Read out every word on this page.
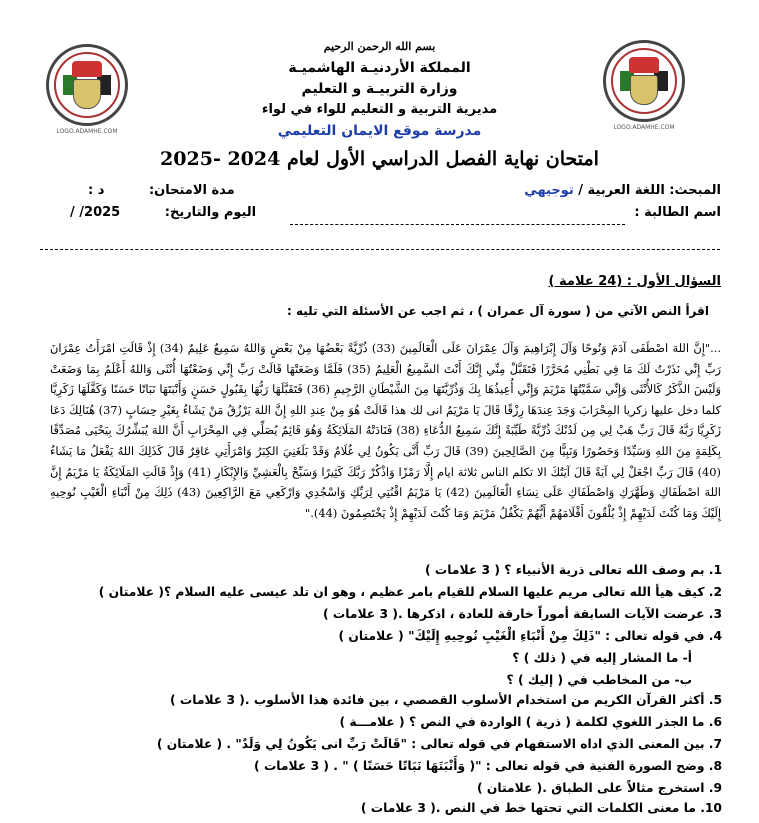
LOGO.ADAMHE.COM
LOGO.ADAMHE.COM
بسم الله الرحمن الرحيم
المملكة الأردنيـة الهاشميـة
وزارة التربيـة و التعليم
مديرية التربية و التعليم للواء في لواء
مدرسة موقع الايمان التعليمي
امتحان نهاية الفصل الدراسي الأول لعام 2024 -2025
المبحث: اللغة العربية / توجيهي
مدة الامتحان: د :
اسم الطالبة :
اليوم والتاريخ: / /2025
السؤال الأول : (24 علامة )
اقرأ النص الآتي من ( سورة آل عمران ) ، ثم اجب عن الأسئلة التي تليه :
..."إِنَّ اللهَ اصْطَفَى آدَمَ وَنُوحًا وَآلَ إِبْرَاهِيمَ وَآلَ عِمْرَانَ عَلَى الْعَالَمِينَ (33) ذُرِّيَّةً بَعْضُهَا مِنْ بَعْضٍ وَاللهُ سَمِيعٌ عَلِيمٌ (34) إِذْ قَالَتِ امْرَأَتُ عِمْرَانَ رَبِّ إِنِّي نَذَرْتُ لَكَ مَا فِي بَطْنِي مُحَرَّرًا فَتَقَبَّلْ مِنِّي إِنَّكَ أَنْتَ السَّمِيعُ الْعَلِيمُ (35) فَلَمَّا وَضَعَتْهَا قَالَتْ رَبِّ إِنِّي وَضَعْتُهَا أُنْثَى وَاللهُ أَعْلَمُ بِمَا وَضَعَتْ وَلَيْسَ الذَّكَرُ كَالأُنْثَى وَإِنِّي سَمَّيْتُهَا مَرْيَمَ وَإِنِّي أُعِيذُهَا بِكَ وَذُرِّيَّتَهَا مِنَ الشَّيْطَانِ الرَّجِيمِ (36) فَتَقَبَّلَهَا رَبُّهَا بِقَبُولٍ حَسَنٍ وَأَنْبَتَهَا نَبَاتًا حَسَنًا وَكَفَّلَهَا زَكَرِيَّا كلما دخل عليها زكريا المِحْرَابَ وَجَدَ عِندَهَا رِزْقًا قَالَ يَا مَرْيَمُ انى لك هذا قَالَتْ هُوَ مِنْ عِندِ اللهِ إِنَّ اللهَ يَرْزُقُ مَنْ يَشَاءُ بِغَيْرِ حِسَابٍ (37) هُنَالِكَ دَعَا زَكَرِيَّا رَبَّهُ قَالَ رَبِّ هَبْ لِي مِن لَدُنْكَ ذُرِّيَّةً طَيِّبَةً إِنَّكَ سَمِيعُ الدُّعَاءِ (38) فَنَادَتْهُ المَلَائِكَةُ وَهُوَ قَائِمٌ يُصَلِّي فِي المِحْرَابِ أَنَّ اللهَ يُبَشِّرُكَ بِيَحْيَى مُصَدِّقًا بِكَلِمَةٍ مِنَ اللهِ وَسَيِّدًا وَحَصُورًا وَنَبِيًّا مِنَ الصَّالِحِينَ (39) قَالَ رَبِّ أَنَّى يَكُونُ لِي غُلَامٌ وَقَدْ بَلَغَنِيَ الكِبَرُ وَامْرَأَتِي عَاقِرٌ قَالَ كَذَلِكَ اللهُ يَفْعَلُ مَا يَشَاءُ (40) قَالَ رَبِّ اجْعَلْ لِي آيَةً قَالَ آيَتُكَ الا تكلم الناس ثلاثة ايام إِلَّا رَمْزًا وَاذْكُرْ رَبَّكَ كَثِيرًا وَسَبِّحْ بِالْعَشِيِّ وَالإِبْكَارِ (41) وَإِذْ قَالَتِ المَلَائِكَةُ يَا مَرْيَمُ إِنَّ اللهَ اصْطَفَاكِ وَطَهَّرَكِ وَاصْطَفَاكِ عَلَى نِسَاءِ الْعَالَمِينَ (42) يَا مَرْيَمُ اقْنُتِي لِرَبِّكِ وَاسْجُدِي وَارْكَعِي مَعَ الرَّاكِعِينَ (43) ذَلِكَ مِنْ أَنْبَاءِ الْغَيْبِ نُوحِيهِ إِلَيْكَ وَمَا كُنْتَ لَدَيْهِمْ إِذْ يُلْقُونَ أَقْلَامَهُمْ أَيُّهُمْ يَكْفُلُ مَرْيَمَ وَمَا كُنْتَ لَدَيْهِمْ إِذْ يَخْتَصِمُونَ (44)."
1. بم وصف الله تعالى ذرية الأنبياء ؟ ( 3 علامات )
2. كيف هيأ الله تعالى مريم عليها السلام للقيام بامر عظيم ، وهو ان تلد عيسى عليه السلام ؟( علامتان )
3. عرضت الآيات السابقة أموراً خارقة للعادة ، اذكرها .( 3 علامات )
4. في قوله تعالى : "ذَلِكَ مِنْ أَنْبَاءِ الْغَيْبِ نُوحِيهِ إِلَيْكَ" ( علامتان )
أ- ما المشار إليه في ( ذلك ) ؟
ب- من المخاطب في ( إليك ) ؟
5. أكثر القرآن الكريم من استخدام الأسلوب القصصي ، بين فائدة هذا الأسلوب .( 3 علامات )
6. ما الجذر اللغوي لكلمة ( ذرية ) الواردة في النص ؟ ( علامـــة )
7. بين المعنى الذي اداه الاستفهام في قوله تعالى : "قَالَتْ رَبِّ انى يَكُونُ لِي وَلَدٌ" . ( علامتان )
8. وضح الصورة الفنية في قوله تعالى : "( وَأَنْبَتَهَا نَبَاتًا حَسَنًا ) " . ( 3 علامات )
9. استخرج مثالاً على الطباق .( علامتان )
10. ما معنى الكلمات التي تحتها خط في النص .( 3 علامات )
